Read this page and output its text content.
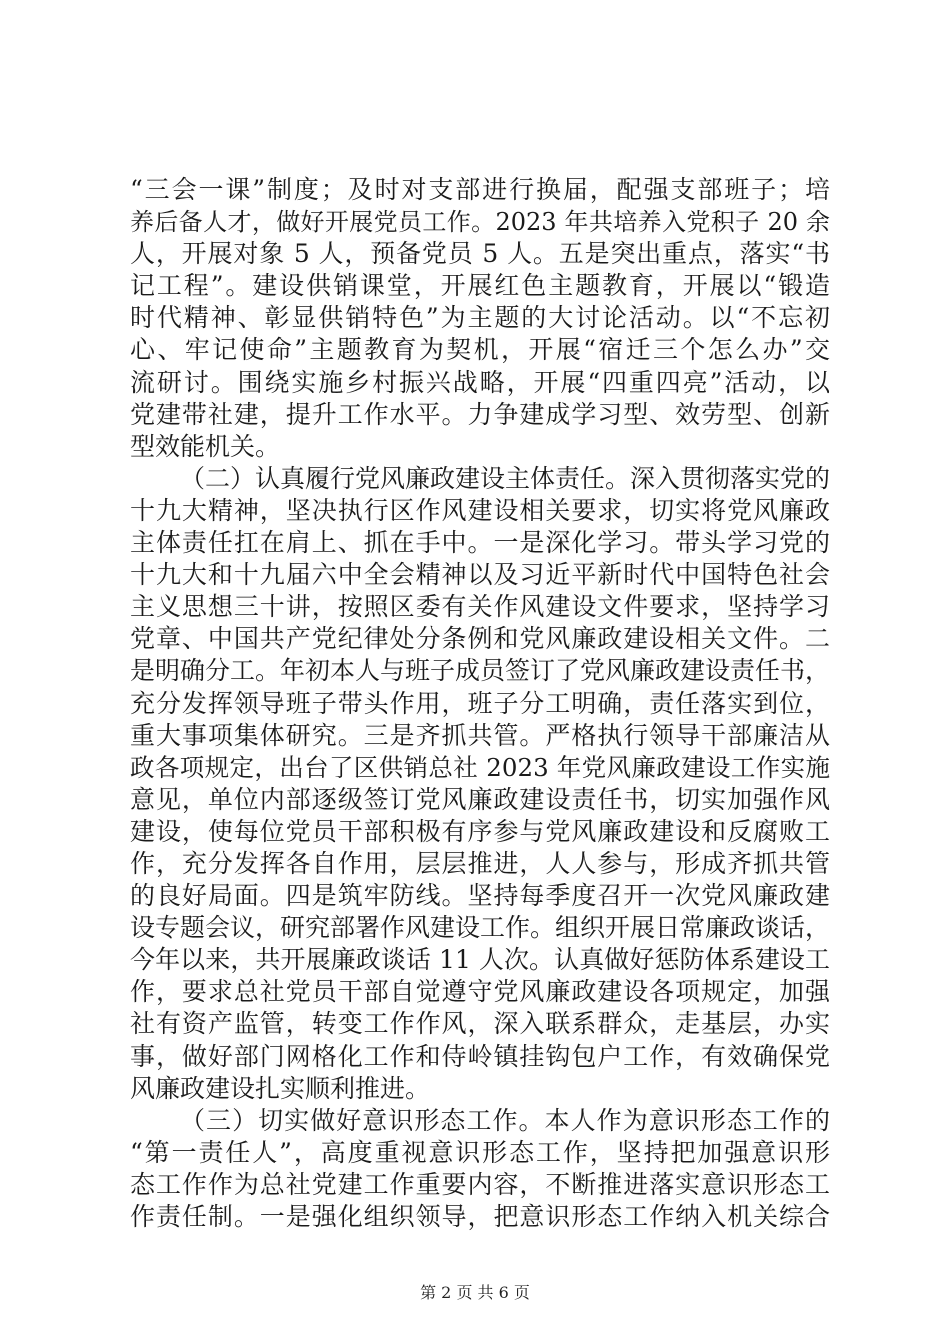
“三会一课”制度；及时对支部进行换届，配强支部班子；培
养后备人才，做好开展党员工作。2023 年共培养入党积子 20 余
人，开展对象 5 人，预备党员 5 人。五是突出重点，落实“书
记工程”。建设供销课堂，开展红色主题教育，开展以“锻造
时代精神、彰显供销特色”为主题的大讨论活动。以“不忘初
心、牢记使命”主题教育为契机，开展“宿迁三个怎么办”交
流研讨。围绕实施乡村振兴战略，开展“四重四亮”活动，以
党建带社建，提升工作水平。力争建成学习型、效劳型、创新
型效能机关。
（二）认真履行党风廉政建设主体责任。深入贯彻落实党的
十九大精神，坚决执行区作风建设相关要求，切实将党风廉政
主体责任扛在肩上、抓在手中。一是深化学习。带头学习党的
十九大和十九届六中全会精神以及习近平新时代中国特色社会
主义思想三十讲，按照区委有关作风建设文件要求，坚持学习
党章、中国共产党纪律处分条例和党风廉政建设相关文件。二
是明确分工。年初本人与班子成员签订了党风廉政建设责任书，
充分发挥领导班子带头作用，班子分工明确，责任落实到位，
重大事项集体研究。三是齐抓共管。严格执行领导干部廉洁从
政各项规定，出台了区供销总社 2023 年党风廉政建设工作实施
意见，单位内部逐级签订党风廉政建设责任书，切实加强作风
建设，使每位党员干部积极有序参与党风廉政建设和反腐败工
作，充分发挥各自作用，层层推进，人人参与，形成齐抓共管
的良好局面。四是筑牢防线。坚持每季度召开一次党风廉政建
设专题会议，研究部署作风建设工作。组织开展日常廉政谈话，
今年以来，共开展廉政谈话 11 人次。认真做好惩防体系建设工
作，要求总社党员干部自觉遵守党风廉政建设各项规定，加强
社有资产监管，转变工作作风，深入联系群众，走基层，办实
事，做好部门网格化工作和侍岭镇挂钩包户工作，有效确保党
风廉政建设扎实顺利推进。
（三）切实做好意识形态工作。本人作为意识形态工作的
“第一责任人”，高度重视意识形态工作，坚持把加强意识形
态工作作为总社党建工作重要内容，不断推进落实意识形态工
作责任制。一是强化组织领导，把意识形态工作纳入机关综合
第 2 页 共 6 页
